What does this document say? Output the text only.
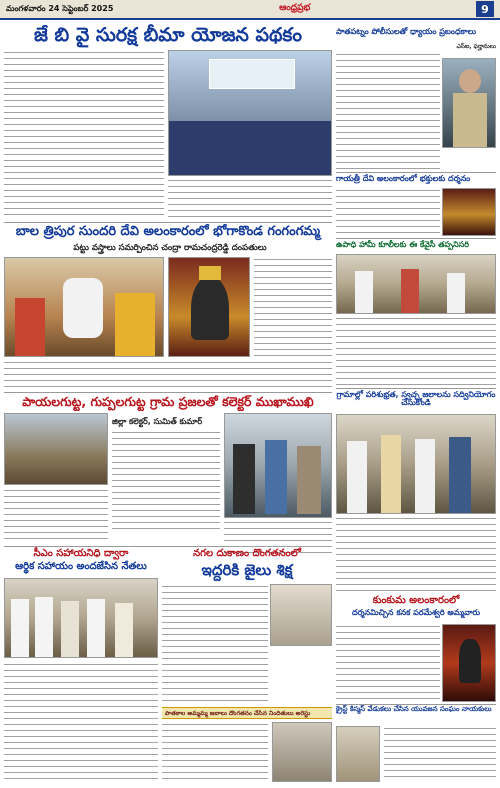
మంగళవారం 24 సెప్టెంబర్ 2025	ఆంధ్రప్రభ	9
జే బి వై సురక్ష బీమా యోజన పథకం
బాల త్రిపుర సుందరి దేవి అలంకారంలో భోగాకొండ గంగంగమ్మ
పట్టు వస్త్రాలు సమర్పించిన చంద్రా రామచంద్రరెడ్డి దంపతులు
పాయలగుట్ట, గుప్పలగుట్ట గ్రామ ప్రజలతో కలెక్టర్ ముఖాముఖి
జిల్లా కలెక్టర్, సుమిత్ కుమార్
సీఎం సహాయనిధి ద్వారా
ఆర్థిక సహాయం అందజేసిన నేతలు
నగల దుకాణం దొంగతనంలో
ఇద్దరికి జైలు శిక్ష
పాతకాల అమ్మమ్మ జబాలు దొంగతనం చేసిన నిందితులు అరెస్టు
పాతపట్నం పోలీసులతో ధ్యాయం ప్రబంధకాలు
ఎస్ఐ, ఫర్హానులు
గాయత్రీ దేవి అలంకారంలో భక్తులకు దర్శనం
ఉపాధి హామీ కూలీలకు ఈ కేవైసీ తప్పనిసరి
గ్రామాల్లో పరిశుభ్రత, స్వచ్ఛ జలాలను సద్వినియోగం చేసుకోండి
కుంకుమ అలంకారంలో
దర్శనమిచ్చిన కనక పరమేశ్వరి అమ్మవారు
క్రైస్ట్ కిస్మస్ వేడుకలు చేసిన యువజన సంఘం నాయకులు
